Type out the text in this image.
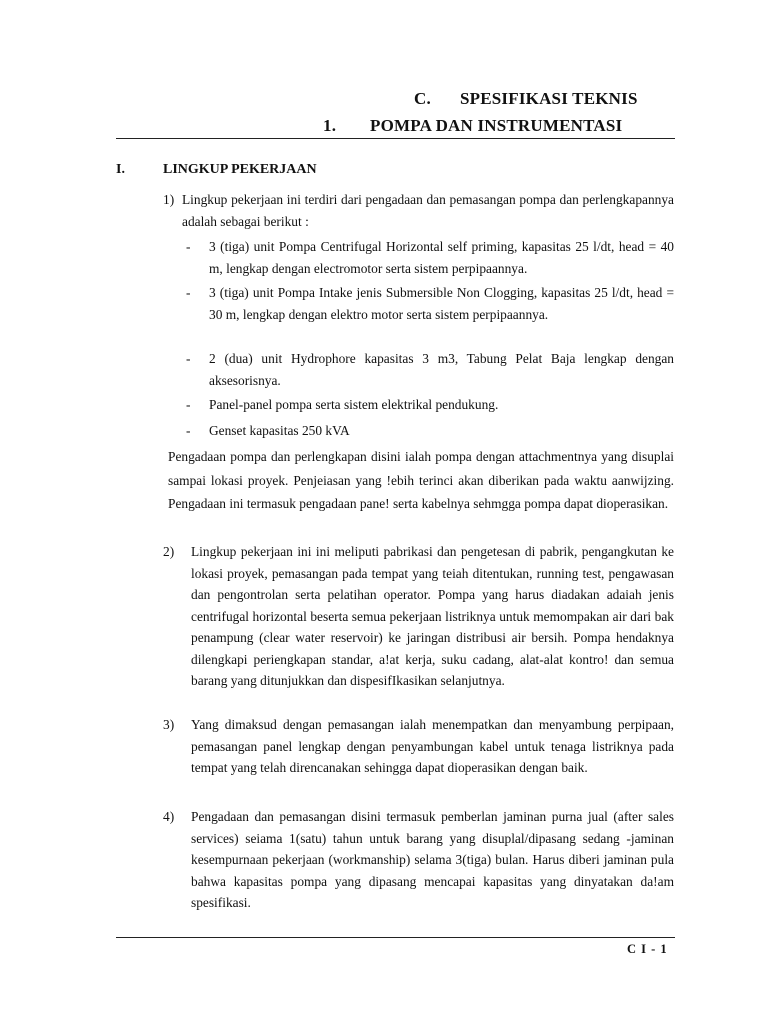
C. SPESIFIKASI TEKNIS
1. POMPA DAN INSTRUMENTASI
I.	LINGKUP PEKERJAAN
1) Lingkup pekerjaan ini terdiri dari pengadaan dan pemasangan pompa dan perlengkapannya adalah sebagai berikut :
- 3 (tiga) unit Pompa Centrifugal Horizontal self priming, kapasitas 25 l/dt, head = 40 m, lengkap dengan electromotor serta sistem perpipaannya.
- 3 (tiga) unit Pompa Intake jenis Submersible Non Clogging, kapasitas 25 l/dt, head = 30 m, lengkap dengan elektro motor serta sistem perpipaannya.
- 2 (dua) unit Hydrophore kapasitas 3 m3, Tabung Pelat Baja lengkap dengan aksesorisnya.
- Panel-panel pompa serta sistem elektrikal pendukung.
- Genset kapasitas 250 kVA
Pengadaan pompa dan perlengkapan disini ialah pompa dengan attachmentnya yang disuplai sampai lokasi proyek. Penjeiasan yang !ebih terinci akan diberikan pada waktu aanwijzing. Pengadaan ini termasuk pengadaan pane! serta kabelnya sehmgga pompa dapat dioperasikan.
2) Lingkup pekerjaan ini ini meliputi pabrikasi dan pengetesan di pabrik, pengangkutan ke lokasi proyek, pemasangan pada tempat yang teiah ditentukan, running test, pengawasan dan pengontrolan serta pelatihan operator. Pompa yang harus diadakan adaiah jenis centrifugal horizontal beserta semua pekerjaan listriknya untuk memompakan air dari bak penampung (clear water reservoir) ke jaringan distribusi air bersih. Pompa hendaknya dilengkapi periengkapan standar, a!at kerja, suku cadang, alat-alat kontro! dan semua barang yang ditunjukkan dan dispesifIkasikan selanjutnya.
3) Yang dimaksud dengan pemasangan ialah menempatkan dan menyambung perpipaan, pemasangan panel lengkap dengan penyambungan kabel untuk tenaga listriknya pada tempat yang telah direncanakan sehingga dapat dioperasikan dengan baik.
4) Pengadaan dan pemasangan disini termasuk pemberlan jaminan purna jual (after sales services) seiama 1(satu) tahun untuk barang yang disuplal/dipasang sedang -jaminan kesempurnaan pekerjaan (workmanship) selama 3(tiga) bulan. Harus diberi jaminan pula bahwa kapasitas pompa yang dipasang mencapai kapasitas yang dinyatakan da!am spesifikasi.
C I - 1
